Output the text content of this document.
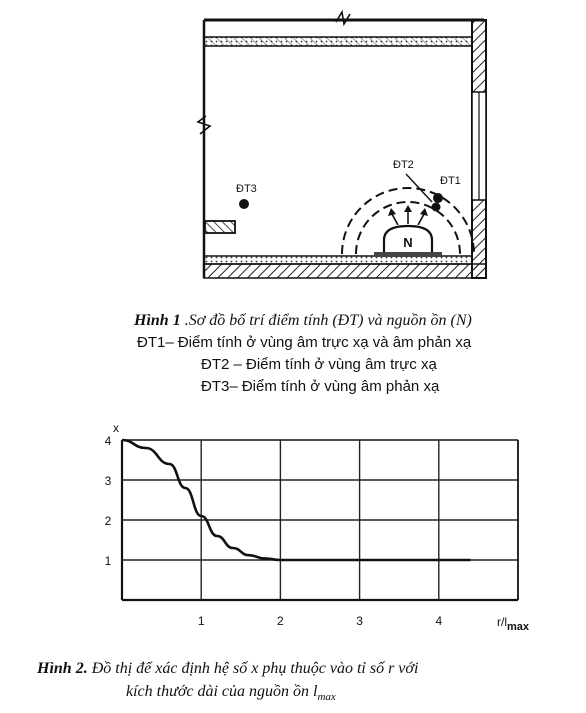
N
ĐT3
ĐT1
ĐT2
Hình 1 .Sơ đồ bố trí điểm tính (ĐT) và nguồn ồn (N)
ĐT1– Điểm tính ở vùng âm trực xạ và âm phản xạ
ĐT2 – Điểm tính ở vùng âm trực xạ
ĐT3– Điểm tính ở vùng âm phản xạ
1	2	3	4
1
2
3
4
x
r/lmax
Hình 2. Đồ thị để xác định hệ số x phụ thuộc vào tỉ số r với
kích thước dài của nguồn ồn $l_{max}$
